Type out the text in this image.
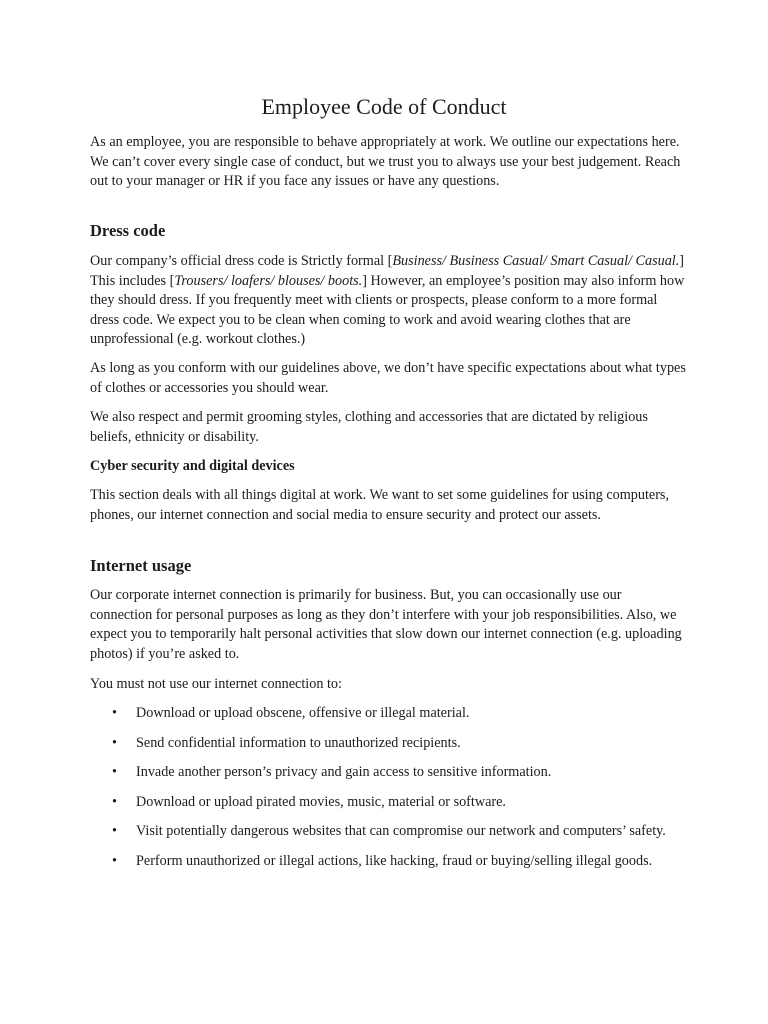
Employee Code of Conduct

As an employee, you are responsible to behave appropriately at work. We outline our expectations here. We can’t cover every single case of conduct, but we trust you to always use your best judgement. Reach out to your manager or HR if you face any issues or have any questions.

Dress code

Our company’s official dress code is Strictly formal [Business/ Business Casual/ Smart Casual/ Casual.] This includes [Trousers/ loafers/ blouses/ boots.] However, an employee’s position may also inform how they should dress. If you frequently meet with clients or prospects, please conform to a more formal dress code. We expect you to be clean when coming to work and avoid wearing clothes that are unprofessional (e.g. workout clothes.)

As long as you conform with our guidelines above, we don’t have specific expectations about what types of clothes or accessories you should wear.

We also respect and permit grooming styles, clothing and accessories that are dictated by religious beliefs, ethnicity or disability.

Cyber security and digital devices

This section deals with all things digital at work. We want to set some guidelines for using computers, phones, our internet connection and social media to ensure security and protect our assets.

Internet usage

Our corporate internet connection is primarily for business. But, you can occasionally use our connection for personal purposes as long as they don’t interfere with your job responsibilities. Also, we expect you to temporarily halt personal activities that slow down our internet connection (e.g. uploading photos) if you’re asked to.

You must not use our internet connection to:

• Download or upload obscene, offensive or illegal material.
• Send confidential information to unauthorized recipients.
• Invade another person’s privacy and gain access to sensitive information.
• Download or upload pirated movies, music, material or software.
• Visit potentially dangerous websites that can compromise our network and computers’ safety.
• Perform unauthorized or illegal actions, like hacking, fraud or buying/selling illegal goods.
